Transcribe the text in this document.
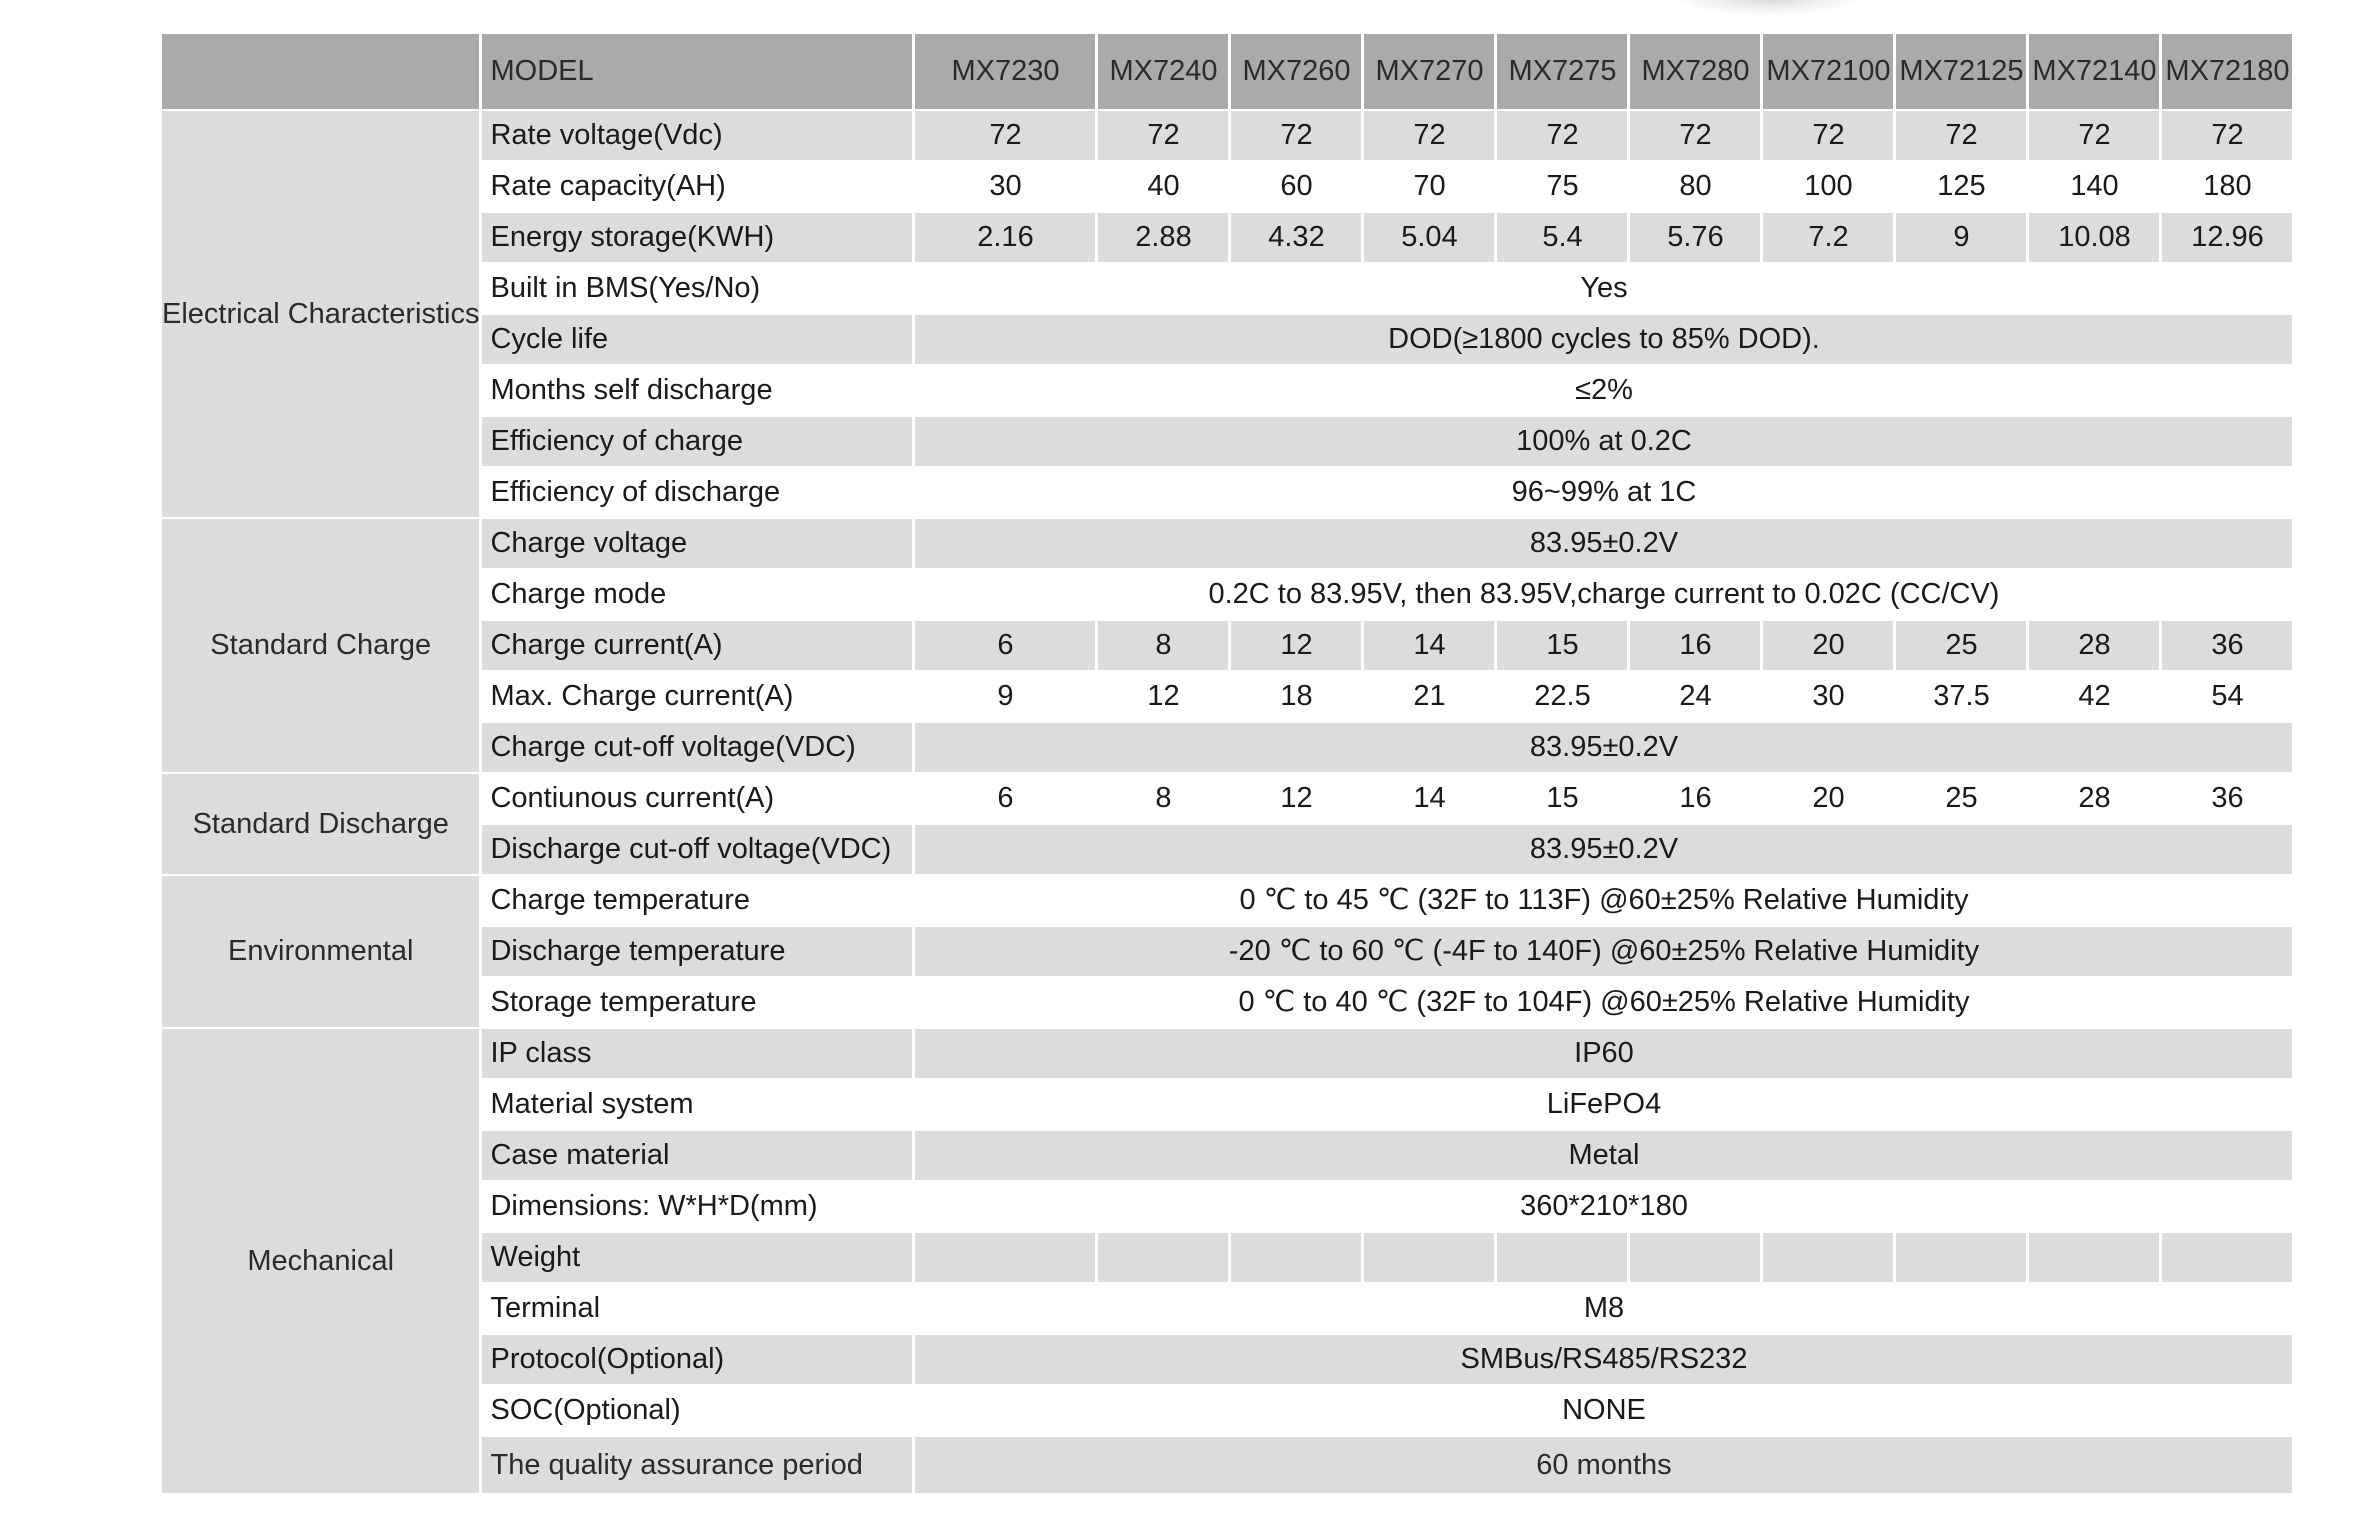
	MODEL	MX7230	MX7240	MX7260	MX7270	MX7275	MX7280	MX72100	MX72125	MX72140	MX72180
Electrical Characteristics	Rate voltage(Vdc)	72	72	72	72	72	72	72	72	72	72
	Rate capacity(AH)	30	40	60	70	75	80	100	125	140	180
	Energy storage(KWH)	2.16	2.88	4.32	5.04	5.4	5.76	7.2	9	10.08	12.96
	Built in BMS(Yes/No)	Yes									
	Cycle life	DOD(≥1800 cycles to 85% DOD).									
	Months self discharge	≤2%									
	Efficiency of charge	100% at 0.2C									
	Efficiency of discharge	96~99% at 1C									
Standard Charge	Charge voltage	83.95±0.2V									
	Charge mode	0.2C to 83.95V, then 83.95V,charge current to 0.02C (CC/CV)									
	Charge current(A)	6	8	12	14	15	16	20	25	28	36
	Max. Charge current(A)	9	12	18	21	22.5	24	30	37.5	42	54
	Charge cut-off voltage(VDC)	83.95±0.2V									
Standard Discharge	Contiunous current(A)	6	8	12	14	15	16	20	25	28	36
	Discharge cut-off voltage(VDC)	83.95±0.2V									
Environmental	Charge temperature	0 ℃ to 45 ℃ (32F to 113F) @60±25% Relative Humidity									
	Discharge temperature	-20 ℃ to 60 ℃ (-4F to 140F) @60±25% Relative Humidity									
	Storage temperature	0 ℃ to 40 ℃ (32F to 104F) @60±25% Relative Humidity									
Mechanical	IP class	IP60									
	Material system	LiFePO4									
	Case material	Metal									
	Dimensions: W*H*D(mm)	360*210*180									
	Weight										
	Terminal	M8									
	Protocol(Optional)	SMBus/RS485/RS232									
	SOC(Optional)	NONE									
	The quality assurance period	60 months									
